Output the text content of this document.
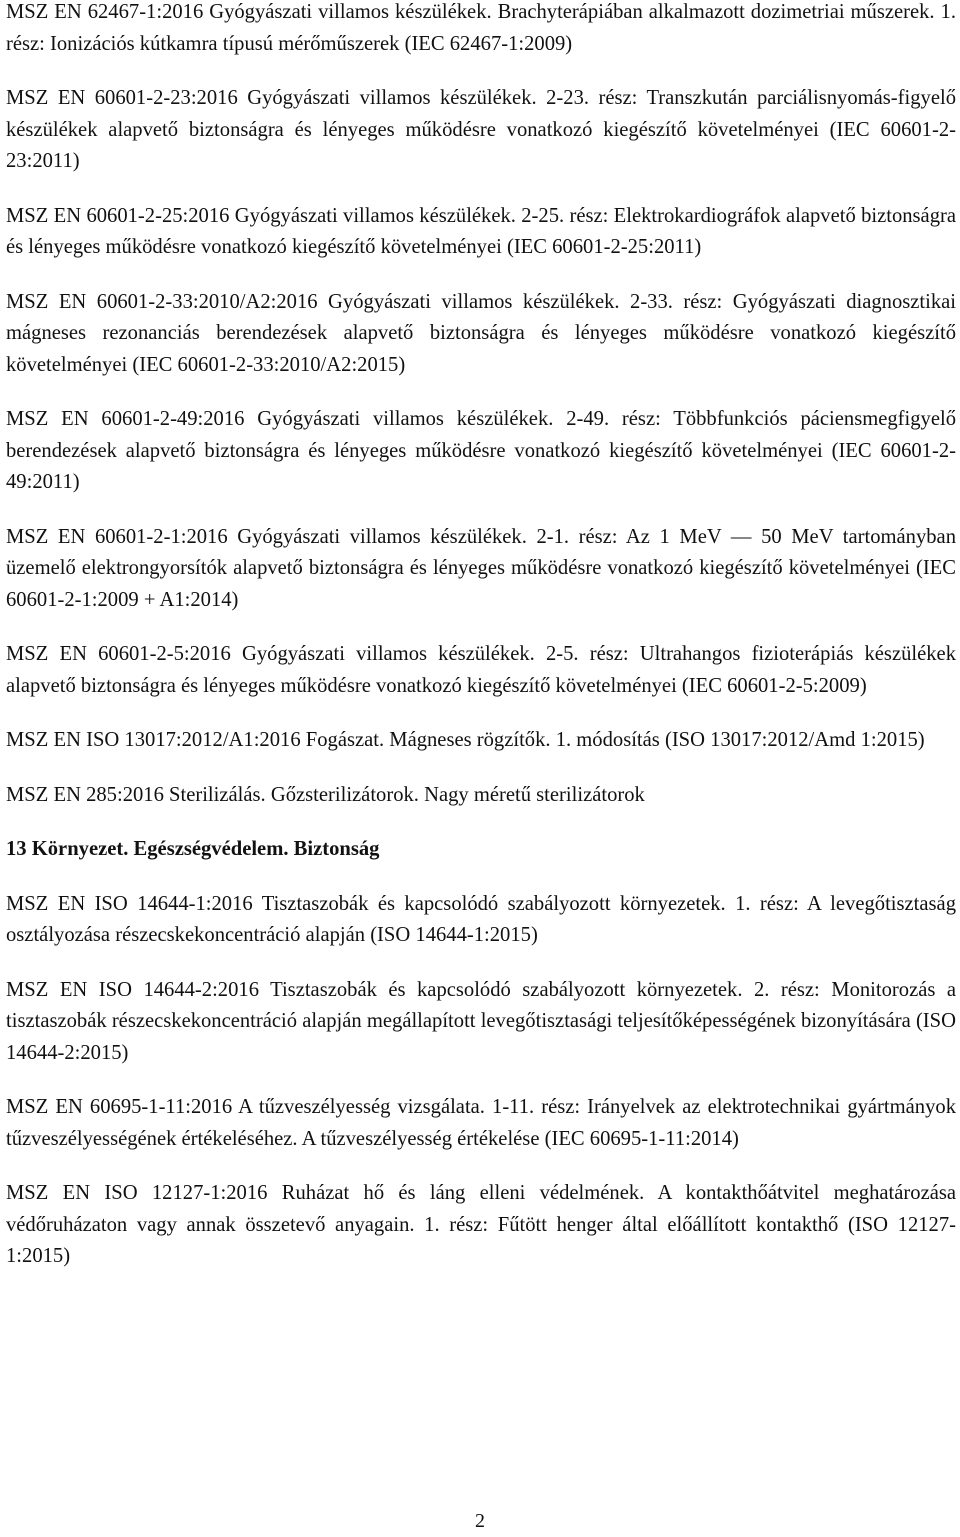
MSZ EN 62467-1:2016 Gyógyászati villamos készülékek. Brachyterápiában alkalmazott dozimetriai műszerek. 1. rész: Ionizációs kútkamra típusú mérőműszerek (IEC 62467-1:2009)

MSZ EN 60601-2-23:2016 Gyógyászati villamos készülékek. 2-23. rész: Transzkután parciálisnyomás-figyelő készülékek alapvető biztonságra és lényeges működésre vonatkozó kiegészítő követelményei (IEC 60601-2-23:2011)

MSZ EN 60601-2-25:2016 Gyógyászati villamos készülékek. 2-25. rész: Elektrokardiográfok alapvető biztonságra és lényeges működésre vonatkozó kiegészítő követelményei (IEC 60601-2-25:2011)

MSZ EN 60601-2-33:2010/A2:2016 Gyógyászati villamos készülékek. 2-33. rész: Gyógyászati diagnosztikai mágneses rezonanciás berendezések alapvető biztonságra és lényeges működésre vonatkozó kiegészítő követelményei (IEC 60601-2-33:2010/A2:2015)

MSZ EN 60601-2-49:2016 Gyógyászati villamos készülékek. 2-49. rész: Többfunkciós páciensmegfigyelő berendezések alapvető biztonságra és lényeges működésre vonatkozó kiegészítő követelményei (IEC 60601-2-49:2011)

MSZ EN 60601-2-1:2016 Gyógyászati villamos készülékek. 2-1. rész: Az 1 MeV — 50 MeV tartományban üzemelő elektrongyorsítók alapvető biztonságra és lényeges működésre vonatkozó kiegészítő követelményei (IEC 60601-2-1:2009 + A1:2014)

MSZ EN 60601-2-5:2016 Gyógyászati villamos készülékek. 2-5. rész: Ultrahangos fizioterápiás készülékek alapvető biztonságra és lényeges működésre vonatkozó kiegészítő követelményei (IEC 60601-2-5:2009)

MSZ EN ISO 13017:2012/A1:2016 Fogászat. Mágneses rögzítők. 1. módosítás (ISO 13017:2012/Amd 1:2015)

MSZ EN 285:2016 Sterilizálás. Gőzsterilizátorok. Nagy méretű sterilizátorok

13 Környezet. Egészségvédelem. Biztonság

MSZ EN ISO 14644-1:2016 Tisztaszobák és kapcsolódó szabályozott környezetek. 1. rész: A levegőtisztaság osztályozása részecskekoncentráció alapján (ISO 14644-1:2015)

MSZ EN ISO 14644-2:2016 Tisztaszobák és kapcsolódó szabályozott környezetek. 2. rész: Monitorozás a tisztaszobák részecskekoncentráció alapján megállapított levegőtisztasági teljesítőképességének bizonyítására (ISO 14644-2:2015)

MSZ EN 60695-1-11:2016 A tűzveszélyesség vizsgálata. 1-11. rész: Irányelvek az elektrotechnikai gyártmányok tűzveszélyességének értékeléséhez. A tűzveszélyesség értékelése (IEC 60695-1-11:2014)

MSZ EN ISO 12127-1:2016 Ruházat hő és láng elleni védelmének. A kontakthőátvitel meghatározása védőruházaton vagy annak összetevő anyagain. 1. rész: Fűtött henger által előállított kontakthő (ISO 12127-1:2015)

2
